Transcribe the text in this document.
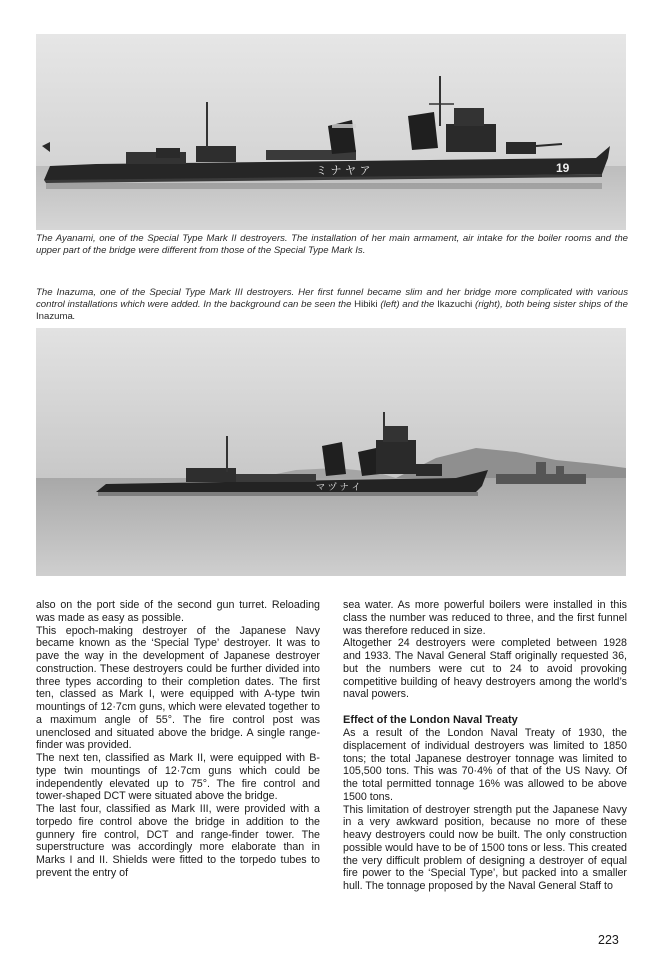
19
ミ ナ ヤ ア

The Ayanami, one of the Special Type Mark II destroyers. The installation of her main armament, air intake for the boiler rooms and the upper part of the bridge were different from those of the Special Type Mark Is.

The Inazuma, one of the Special Type Mark III destroyers. Her first funnel became slim and her bridge more complicated with various control installations which were added. In the background can be seen the Hibiki (left) and the Ikazuchi (right), both being sister ships of the Inazuma.

マ ヅ ナ イ

also on the port side of the second gun turret. Reloading was made as easy as possible.

This epoch-making destroyer of the Japanese Navy became known as the ‘Special Type’ destroyer. It was to pave the way in the development of Japanese destroyer construction. These destroyers could be further divided into three types according to their completion dates. The first ten, classed as Mark I, were equipped with A-type twin mountings of 12·7cm guns, which were elevated together to a maximum angle of 55°. The fire control post was unenclosed and situated above the bridge. A single range-finder was provided.

The next ten, classified as Mark II, were equipped with B-type twin mountings of 12·7cm guns which could be independently elevated up to 75°. The fire control and tower-shaped DCT were situated above the bridge.

The last four, classified as Mark III, were provided with a torpedo fire control above the bridge in addition to the gunnery fire control, DCT and range-finder tower. The superstructure was accordingly more elaborate than in Marks I and II. Shields were fitted to the torpedo tubes to prevent the entry of

sea water. As more powerful boilers were installed in this class the number was reduced to three, and the first funnel was therefore reduced in size.

Altogether 24 destroyers were completed between 1928 and 1933. The Naval General Staff originally requested 36, but the numbers were cut to 24 to avoid provoking competitive building of heavy destroyers among the world’s naval powers.

Effect of the London Naval Treaty

As a result of the London Naval Treaty of 1930, the displacement of individual destroyers was limited to 1850 tons; the total Japanese destroyer tonnage was limited to 105,500 tons. This was 70·4% of that of the US Navy. Of the total permitted tonnage 16% was allowed to be above 1500 tons.

This limitation of destroyer strength put the Japanese Navy in a very awkward position, because no more of these heavy destroyers could now be built. The only construction possible would have to be of 1500 tons or less. This created the very difficult problem of designing a destroyer of equal fire power to the ‘Special Type’, but packed into a smaller hull. The tonnage proposed by the Naval General Staff to

223
